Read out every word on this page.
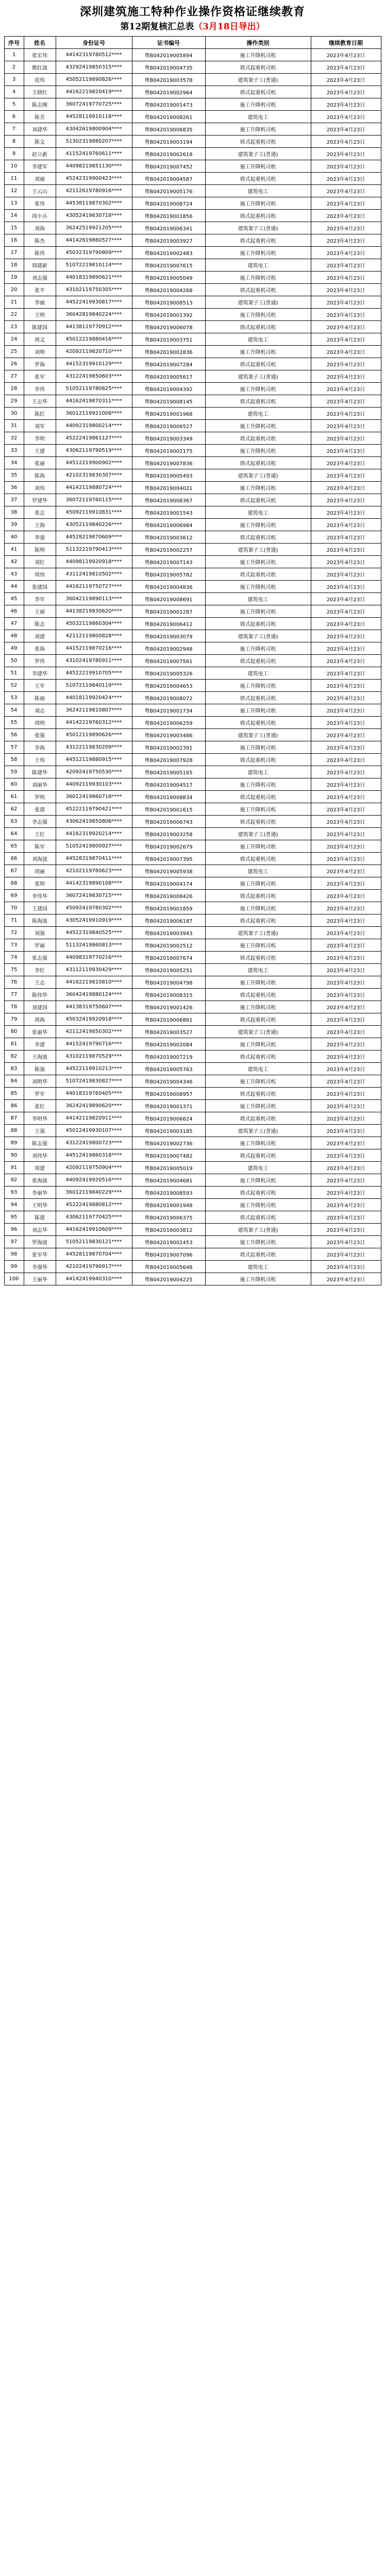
深圳建筑施工特种作业操作资格证继续教育
第12期复核汇总表（3月18日导出）
序号	姓名	身份证号	证书编号	操作类别	继续教育日期
1	张宏伟	44142319780512****	粤B042019005894	施工升降机司机	2023年4月23日
2	熊红波	43292419850315****	粤B042019004735	塔式起重机司机	2023年4月23日
3	范伟	45052119890826****	粤B042019003578	建筑架子工(普通)	2023年4月23日
4	王晓红	44162219820419****	粤B042019002964	塔式起重机司机	2023年4月23日
5	陈志刚	36072419770725****	粤B042019001473	施工升降机司机	2023年4月23日
6	陈芳	44528119910118****	粤B042019008261	建筑电工	2023年4月23日
7	刘建华	43042619800904****	粤B042019006835	施工升降机司机	2023年4月23日
8	陈文	51302319880207****	粤B042019003194	塔式起重机司机	2023年4月23日
9	赵立新	41152419760611****	粤B042019002618	建筑架子工(普通)	2023年4月23日
10	李建军	44098219851130****	粤B042019007452	施工升降机司机	2023年4月23日
11	刘丽	45242319900423****	粤B042019004587	塔式起重机司机	2023年4月23日
12	王云山	42112619780916****	粤B042019005176	建筑电工	2023年4月23日
13	张伟	44538119870302****	粤B042019008724	施工升降机司机	2023年4月23日
14	周小兵	43052419830718****	粤B042019001856	塔式起重机司机	2023年4月23日
15	刘海	36242519921205****	粤B042019006341	建筑架子工(普通)	2023年4月23日
16	陈杰	44142619860527****	粤B042019003927	塔式起重机司机	2023年4月23日
17	陈伟	45032319790809****	粤B042019002483	施工升降机司机	2023年4月23日
18	周建新	51072219810114****	粤B042019007615	建筑电工	2023年4月23日
19	刘志强	44018319890621****	粤B042019005049	施工升降机司机	2023年4月23日
20	张平	43102119750305****	粤B042019004268	塔式起重机司机	2023年4月23日
21	李丽	44522419930817****	粤B042019008513	建筑架子工(普通)	2023年4月23日
22	王明	36042819840224****	粤B042019001392	施工升降机司机	2023年4月23日
23	陈建国	44138119770912****	粤B042019006078	塔式起重机司机	2023年4月23日
24	周文	45012219880416****	粤B042019003751	建筑电工	2023年4月23日
25	刘明	42092119820710****	粤B042019002836	施工升降机司机	2023年4月23日
26	罗海	44152319910129****	粤B042019007284	塔式起重机司机	2023年4月23日
27	张军	43122419850603****	粤B042019005617	建筑架子工(普通)	2023年4月23日
28	李伟	51052119780825****	粤B042019004392	施工升降机司机	2023年4月23日
29	王志华	44162419870311****	粤B042019008145	塔式起重机司机	2023年4月23日
30	陈红	36012119921008****	粤B042019001968	建筑电工	2023年4月23日
31	刘军	44092319800214****	粤B042019006527	施工升降机司机	2023年4月23日
32	李明	45222419861127****	粤B042019003349	塔式起重机司机	2023年4月23日
33	王建	43062119790519****	粤B042019002175	施工升降机司机	2023年4月23日
34	张丽	44512219900902****	粤B042019007836	塔式起重机司机	2023年4月23日
35	陈海	42102319830307****	粤B042019005493	建筑架子工(普通)	2023年4月23日
36	刘伟	44142119880724****	粤B042019004021	施工升降机司机	2023年4月23日
37	罗建华	36072119760115****	粤B042019008367	塔式起重机司机	2023年4月23日
38	张志	45092119910831****	粤B042019001543	建筑电工	2023年4月23日
39	王海	43052119840226****	粤B042019006984	施工升降机司机	2023年4月23日
40	李强	44528219870609****	粤B042019003612	塔式起重机司机	2023年4月23日
41	陈明	51132219790413****	粤B042019002257	建筑架子工(普通)	2023年4月23日
42	刘红	44098119920918****	粤B042019007143	施工升降机司机	2023年4月23日
43	周伟	43112419810502****	粤B042019005782	塔式起重机司机	2023年4月23日
44	张建国	44162119750727****	粤B042019004836	施工升降机司机	2023年4月23日
45	李军	36042119890113****	粤B042019008691	建筑电工	2023年4月23日
46	王丽	44138219930620****	粤B042019001287	施工升降机司机	2023年4月23日
47	陈志	45032119860304****	粤B042019006412	塔式起重机司机	2023年4月23日
48	刘建	42112119800828****	粤B042019003079	建筑架子工(普通)	2023年4月23日
49	张海	44152119870216****	粤B042019002948	施工升降机司机	2023年4月23日
50	罗伟	43102419780911****	粤B042019007561	塔式起重机司机	2023年4月23日
51	李建华	44522219910705****	粤B042019005326	建筑电工	2023年4月23日
52	王军	51072119840119****	粤B042019004653	施工升降机司机	2023年4月23日
53	陈丽	44018119920424****	粤B042019008072	塔式起重机司机	2023年4月23日
54	刘志	36242119810807****	粤B042019001734	施工升降机司机	2023年4月23日
55	周明	44142219760312****	粤B042019006259	塔式起重机司机	2023年4月23日
56	张强	45012119890626****	粤B042019003486	建筑架子工(普通)	2023年4月23日
57	李海	43122119830209****	粤B042019002391	施工升降机司机	2023年4月23日
58	王伟	44512119880915****	粤B042019007928	塔式起重机司机	2023年4月23日
59	陈建华	42092419750530****	粤B042019005165	建筑电工	2023年4月23日
60	刘丽华	44092119930103****	粤B042019004517	施工升降机司机	2023年4月23日
61	罗明	36012419860718****	粤B042019008834	塔式起重机司机	2023年4月23日
62	张建	45222119790421****	粤B042019001615	施工升降机司机	2023年4月23日
63	李志强	43062419850806****	粤B042019006743	塔式起重机司机	2023年4月23日
64	王红	44162319920214****	粤B042019003258	建筑架子工(普通)	2023年4月23日
65	陈军	51052419800927****	粤B042019002679	施工升降机司机	2023年4月23日
66	刘海波	44528319870411****	粤B042019007395	塔式起重机司机	2023年4月23日
67	周丽	42102119760623****	粤B042019005938	建筑电工	2023年4月23日
68	张明	44142319890108****	粤B042019004174	施工升降机司机	2023年4月23日
69	李伟华	36072419830715****	粤B042019008426	塔式起重机司机	2023年4月23日
70	王建国	45092419780302****	粤B042019001859	施工升降机司机	2023年4月23日
71	陈海波	43052419910919****	粤B042019006187	塔式起重机司机	2023年4月23日
72	刘强	44522319840525****	粤B042019003943	建筑架子工(普通)	2023年4月23日
73	罗丽	51132419860813****	粤B042019002512	施工升降机司机	2023年4月23日
74	张志强	44098319770216****	粤B042019007674	塔式起重机司机	2023年4月23日
75	李红	43112119930429****	粤B042019005251	建筑电工	2023年4月23日
76	王志	44162219810810****	粤B042019004798	施工升降机司机	2023年4月23日
77	陈伟华	36042419880124****	粤B042019008315	塔式起重机司机	2023年4月23日
78	刘建国	44138319750607****	粤B042019001426	施工升降机司机	2023年4月23日
79	周海	45032419920918****	粤B042019006861	塔式起重机司机	2023年4月23日
80	张丽华	42112419850302****	粤B042019003527	建筑架子工(普通)	2023年4月23日
81	李建	44152419790716****	粤B042019002084	施工升降机司机	2023年4月23日
82	王海波	43102119870529****	粤B042019007219	塔式起重机司机	2023年4月23日
83	陈强	44522119910213****	粤B042019005763	建筑电工	2023年4月23日
84	刘明华	51072419830827****	粤B042019004346	施工升降机司机	2023年4月23日
85	罗军	44018319760405****	粤B042019008957	塔式起重机司机	2023年4月23日
86	张红	36242419890620****	粤B042019001371	施工升降机司机	2023年4月23日
87	李明华	44142119820911****	粤B042019006624	塔式起重机司机	2023年4月23日
88	王强	45012419930107****	粤B042019003185	建筑架子工(普通)	2023年4月23日
89	陈志强	43122419800723****	粤B042019002736	施工升降机司机	2023年4月23日
90	刘伟华	44512419860318****	粤B042019007482	塔式起重机司机	2023年4月23日
91	周建	42092119750904****	粤B042019005019	建筑电工	2023年4月23日
92	张海波	44092419920516****	粤B042019004681	施工升降机司机	2023年4月23日
93	李丽华	36012119840229****	粤B042019008593	塔式起重机司机	2023年4月23日
94	王明华	45222419880812****	粤B042019001948	施工升降机司机	2023年4月23日
95	陈建	43062119770425****	粤B042019006375	塔式起重机司机	2023年4月23日
96	刘志华	44162419910609****	粤B042019003812	建筑架子工(普通)	2023年4月23日
97	罗海波	51052119830121****	粤B042019002453	施工升降机司机	2023年4月23日
98	张军华	44528119870704****	粤B042019007096	塔式起重机司机	2023年4月23日
99	李强华	42102419790917****	粤B042019005648	建筑电工	2023年4月23日
100	王丽华	44142419940310****	粤B042019004225	施工升降机司机	2023年4月23日
